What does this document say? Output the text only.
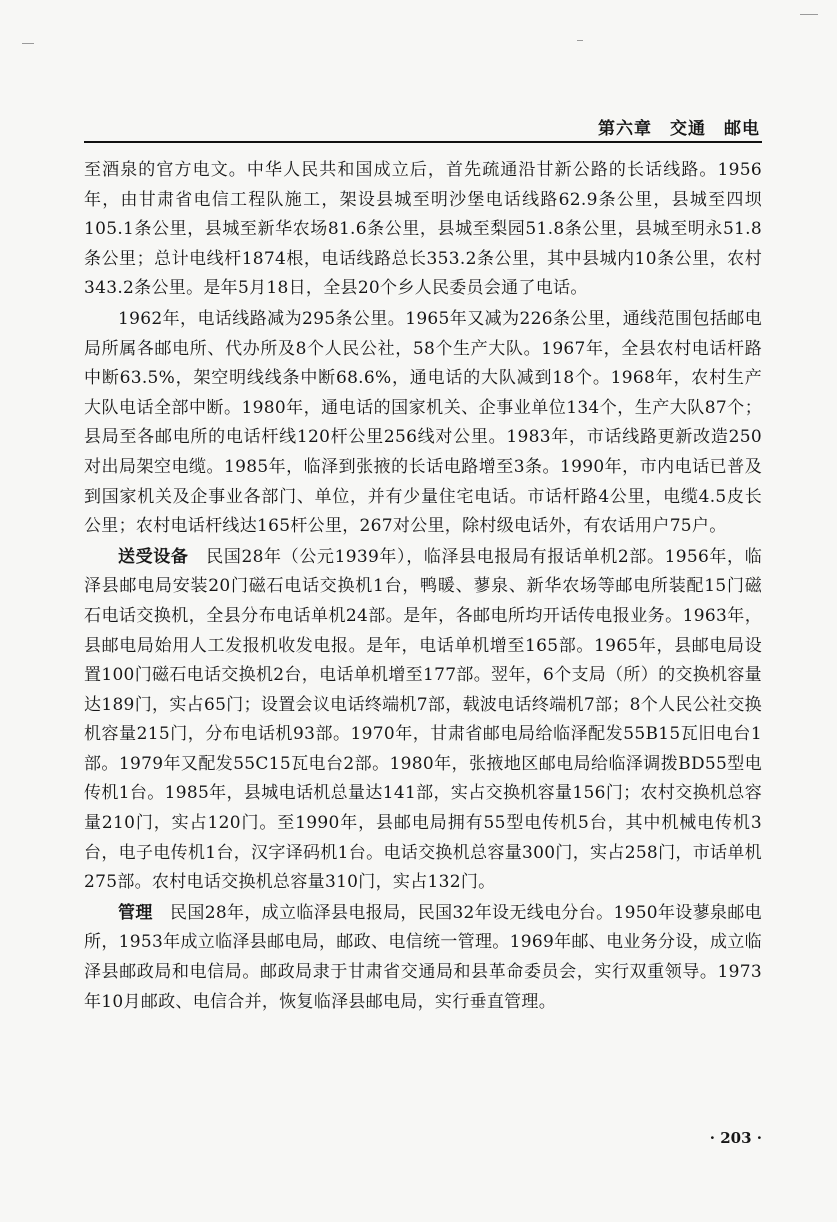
第六章　交通　邮电

至酒泉的官方电文。中华人民共和国成立后，首先疏通沿甘新公路的长话线路。1956年，由甘肃省电信工程队施工，架设县城至明沙堡电话线路62.9条公里，县城至四坝105.1条公里，县城至新华农场81.6条公里，县城至梨园51.8条公里，县城至明永51.8条公里；总计电线杆1874根，电话线路总长353.2条公里，其中县城内10条公里，农村343.2条公里。是年5月18日，全县20个乡人民委员会通了电话。

1962年，电话线路减为295条公里。1965年又减为226条公里，通线范围包括邮电局所属各邮电所、代办所及8个人民公社，58个生产大队。1967年，全县农村电话杆路中断63.5%，架空明线线条中断68.6%，通电话的大队减到18个。1968年，农村生产大队电话全部中断。1980年，通电话的国家机关、企事业单位134个，生产大队87个；县局至各邮电所的电话杆线120杆公里256线对公里。1983年，市话线路更新改造250对出局架空电缆。1985年，临泽到张掖的长话电路增至3条。1990年，市内电话已普及到国家机关及企事业各部门、单位，并有少量住宅电话。市话杆路4公里，电缆4.5皮长公里；农村电话杆线达165杆公里，267对公里，除村级电话外，有农话用户75户。

送受设备　民国28年（公元1939年），临泽县电报局有报话单机2部。1956年，临泽县邮电局安装20门磁石电话交换机1台，鸭暖、蓼泉、新华农场等邮电所装配15门磁石电话交换机，全县分布电话单机24部。是年，各邮电所均开话传电报业务。1963年，县邮电局始用人工发报机收发电报。是年，电话单机增至165部。1965年，县邮电局设置100门磁石电话交换机2台，电话单机增至177部。翌年，6个支局（所）的交换机容量达189门，实占65门；设置会议电话终端机7部，载波电话终端机7部；8个人民公社交换机容量215门，分布电话机93部。1970年，甘肃省邮电局给临泽配发55B15瓦旧电台1部。1979年又配发55C15瓦电台2部。1980年，张掖地区邮电局给临泽调拨BD55型电传机1台。1985年，县城电话机总量达141部，实占交换机容量156门；农村交换机总容量210门，实占120门。至1990年，县邮电局拥有55型电传机5台，其中机械电传机3台，电子电传机1台，汉字译码机1台。电话交换机总容量300门，实占258门，市话单机275部。农村电话交换机总容量310门，实占132门。

管理　民国28年，成立临泽县电报局，民国32年设无线电分台。1950年设蓼泉邮电所，1953年成立临泽县邮电局，邮政、电信统一管理。1969年邮、电业务分设，成立临泽县邮政局和电信局。邮政局隶于甘肃省交通局和县革命委员会，实行双重领导。1973年10月邮政、电信合并，恢复临泽县邮电局，实行垂直管理。

· 203 ·
